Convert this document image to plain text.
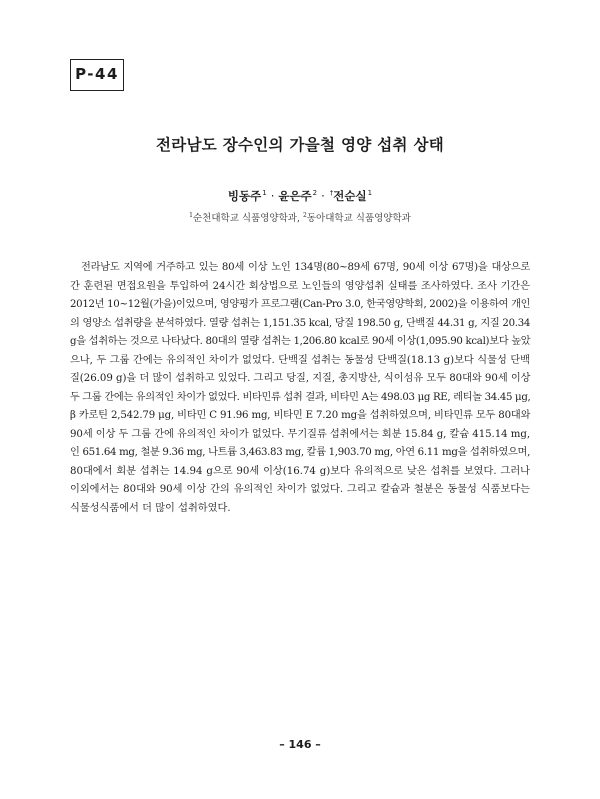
P-44
전라남도 장수인의 가을철 영양 섭취 상태
빙동주$^1$ · 윤은주$^2$ · †전순실$^1$
$^1$순천대학교 식품영양학과, $^2$동아대학교 식품영양학과
전라남도 지역에 거주하고 있는 80세 이상 노인 134명(80~89세 67명, 90세 이상 67명)을 대상으로
간 훈련된 면접요원을 투입하여 24시간 회상법으로 노인들의 영양섭취 실태를 조사하였다. 조사 기간은
2012년 10~12월(가을)이었으며, 영양평가 프로그램(Can-Pro 3.0, 한국영양학회, 2002)을 이용하여 개인
의 영양소 섭취량을 분석하였다. 열량 섭취는 1,151.35 kcal, 당질 198.50 g, 단백질 44.31 g, 지질 20.34
g을 섭취하는 것으로 나타났다. 80대의 열량 섭취는 1,206.80 kcal로 90세 이상(1,095.90 kcal)보다 높았
으나, 두 그룹 간에는 유의적인 차이가 없었다. 단백질 섭취는 동물성 단백질(18.13 g)보다 식물성 단백
질(26.09 g)을 더 많이 섭취하고 있었다. 그리고 당질, 지질, 총지방산, 식이섬유 모두 80대와 90세 이상
두 그룹 간에는 유의적인 차이가 없었다. 비타민류 섭취 결과, 비타민 A는 498.03 μg RE, 레티놀 34.45 μg,
β 카로틴 2,542.79 μg, 비타민 C 91.96 mg, 비타민 E 7.20 mg을 섭취하였으며, 비타민류 모두 80대와
90세 이상 두 그룹 간에 유의적인 차이가 없었다. 무기질류 섭취에서는 회분 15.84 g, 칼슘 415.14 mg,
인 651.64 mg, 철분 9.36 mg, 나트륨 3,463.83 mg, 칼륨 1,903.70 mg, 아연 6.11 mg을 섭취하였으며,
80대에서 회분 섭취는 14.94 g으로 90세 이상(16.74 g)보다 유의적으로 낮은 섭취를 보였다. 그러나
이외에서는 80대와 90세 이상 간의 유의적인 차이가 없었다. 그리고 칼슘과 철분은 동물성 식품보다는
식물성식품에서 더 많이 섭취하였다.
– 146 –
